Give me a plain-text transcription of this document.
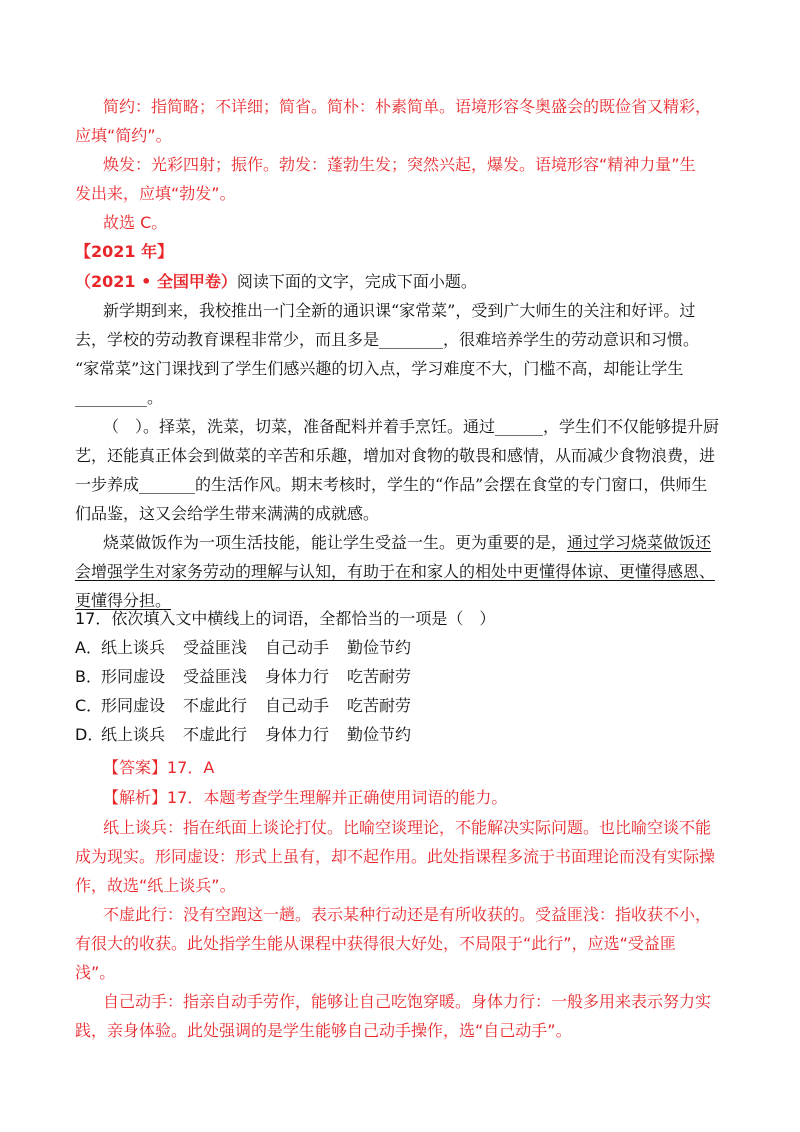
简约：指简略；不详细；简省。简朴：朴素简单。语境形容冬奥盛会的既俭省又精彩，
应填“简约”。
焕发：光彩四射；振作。勃发：蓬勃生发；突然兴起，爆发。语境形容“精神力量”生
发出来，应填“勃发”。
故选 C。
【2021 年】
（2021 • 全国甲卷）阅读下面的文字，完成下面小题。
新学期到来，我校推出一门全新的通识课“家常菜”，受到广大师生的关注和好评。过
去，学校的劳动教育课程非常少，而且多是________，很难培养学生的劳动意识和习惯。
“家常菜”这门课找到了学生们感兴趣的切入点，学习难度不大，门槛不高，却能让学生
_________。
（　）。择菜，洗菜，切菜，准备配料并着手烹饪。通过______，学生们不仅能够提升厨
艺，还能真正体会到做菜的辛苦和乐趣，增加对食物的敬畏和感情，从而减少食物浪费，进
一步养成_______的生活作风。期末考核时，学生的“作品”会摆在食堂的专门窗口，供师生
们品鉴，这又会给学生带来满满的成就感。
烧菜做饭作为一项生活技能，能让学生受益一生。更为重要的是，通过学习烧菜做饭还
会增强学生对家务劳动的理解与认知，有助于在和家人的相处中更懂得体谅、更懂得感恩、
更懂得分担。
17．依次填入文中横线上的词语，全都恰当的一项是（　）
A．纸上谈兵 受益匪浅 自己动手 勤俭节约
B．形同虚设 受益匪浅 身体力行 吃苦耐劳
C．形同虚设 不虚此行 自己动手 吃苦耐劳
D．纸上谈兵 不虚此行 身体力行 勤俭节约
【答案】17．A
【解析】17．本题考查学生理解并正确使用词语的能力。
纸上谈兵：指在纸面上谈论打仗。比喻空谈理论，不能解决实际问题。也比喻空谈不能
成为现实。形同虚设：形式上虽有，却不起作用。此处指课程多流于书面理论而没有实际操
作，故选“纸上谈兵”。
不虚此行：没有空跑这一趟。表示某种行动还是有所收获的。受益匪浅：指收获不小，
有很大的收获。此处指学生能从课程中获得很大好处，不局限于“此行”，应选“受益匪
浅”。
自己动手：指亲自动手劳作，能够让自己吃饱穿暖。身体力行：一般多用来表示努力实
践，亲身体验。此处强调的是学生能够自己动手操作，选“自己动手”。
